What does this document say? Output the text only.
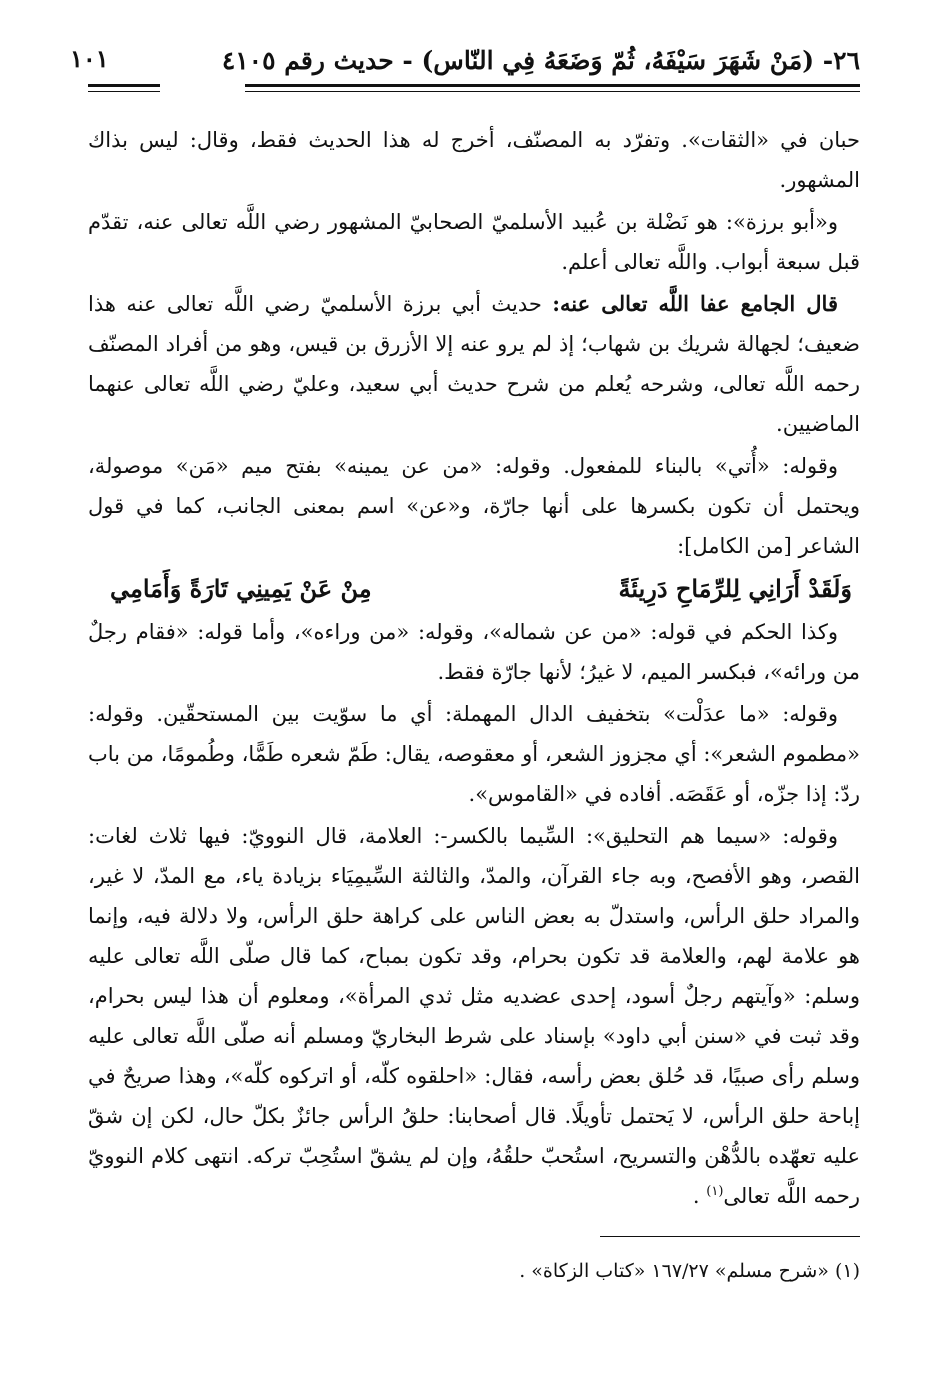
٢٦- (مَنْ شَهَرَ سَيْفَهُ، ثُمّ وَضَعَهُ فِي النّاس) - حديث رقم ٤١٠٥
١٠١

حبان في «الثقات». وتفرّد به المصنّف، أخرج له هذا الحديث فقط، وقال: ليس بذاك المشهور.

و«أبو برزة»: هو نَضْلة بن عُبيد الأسلميّ الصحابيّ المشهور رضي اللَّه تعالى عنه، تقدّم قبل سبعة أبواب. واللَّه تعالى أعلم.

قال الجامع عفا اللَّه تعالى عنه: حديث أبي برزة الأسلميّ رضي اللَّه تعالى عنه هذا ضعيف؛ لجهالة شريك بن شهاب؛ إذ لم يرو عنه إلا الأزرق بن قيس، وهو من أفراد المصنّف رحمه اللَّه تعالى، وشرحه يُعلم من شرح حديث أبي سعيد، وعليّ رضي اللَّه تعالى عنهما الماضيين.

وقوله: «أُتي» بالبناء للمفعول. وقوله: «من عن يمينه» بفتح ميم «مَن» موصولة، ويحتمل أن تكون بكسرها على أنها جارّة، و«عن» اسم بمعنى الجانب، كما في قول الشاعر [من الكامل]:

وَلَقَدْ أَرَانِي لِلرِّمَاحِ دَرِيئَةً
مِنْ عَنْ يَمِينِي تَارَةً وَأَمَامِي

وكذا الحكم في قوله: «من عن شماله»، وقوله: «من وراءه»، وأما قوله: «فقام رجلٌ من ورائه»، فبكسر الميم، لا غيرُ؛ لأنها جارّة فقط.

وقوله: «ما عدَلْت» بتخفيف الدال المهملة: أي ما سوّيت بين المستحقّين. وقوله: «مطموم الشعر»: أي مجزوز الشعر، أو معقوصه، يقال: طَمّ شعره طَمًّا، وطُمومًا، من باب ردّ: إذا جزّه، أو عَقَصَه. أفاده في «القاموس».

وقوله: «سيما هم التحليق»: السِّيما بالكسر-: العلامة، قال النوويّ: فيها ثلاث لغات: القصر، وهو الأفصح، وبه جاء القرآن، والمدّ، والثالثة السِّيمِيَاء بزيادة ياء، مع المدّ، لا غير، والمراد حلق الرأس، واستدلّ به بعض الناس على كراهة حلق الرأس، ولا دلالة فيه، وإنما هو علامة لهم، والعلامة قد تكون بحرام، وقد تكون بمباح، كما قال صلّى اللَّه تعالى عليه وسلم: «وآيتهم رجلٌ أسود، إحدى عضديه مثل ثدي المرأة»، ومعلوم أن هذا ليس بحرام، وقد ثبت في «سنن أبي داود» بإسناد على شرط البخاريّ ومسلم أنه صلّى اللَّه تعالى عليه وسلم رأى صبيًا، قد حُلق بعض رأسه، فقال: «احلقوه كلّه، أو اتركوه كلّه»، وهذا صريحٌ في إباحة حلق الرأس، لا يَحتمل تأويلًا. قال أصحابنا: حلقُ الرأس جائزٌ بكلّ حال، لكن إن شقّ عليه تعهّده بالدُّهْن والتسريح، استُحبّ حلقُهُ، وإن لم يشقّ استُحِبّ تركه. انتهى كلام النوويّ رحمه اللَّه تعالى$^{(١)}$ .

(١) «شرح مسلم» ١٦٧/٢٧ «كتاب الزكاة» .
